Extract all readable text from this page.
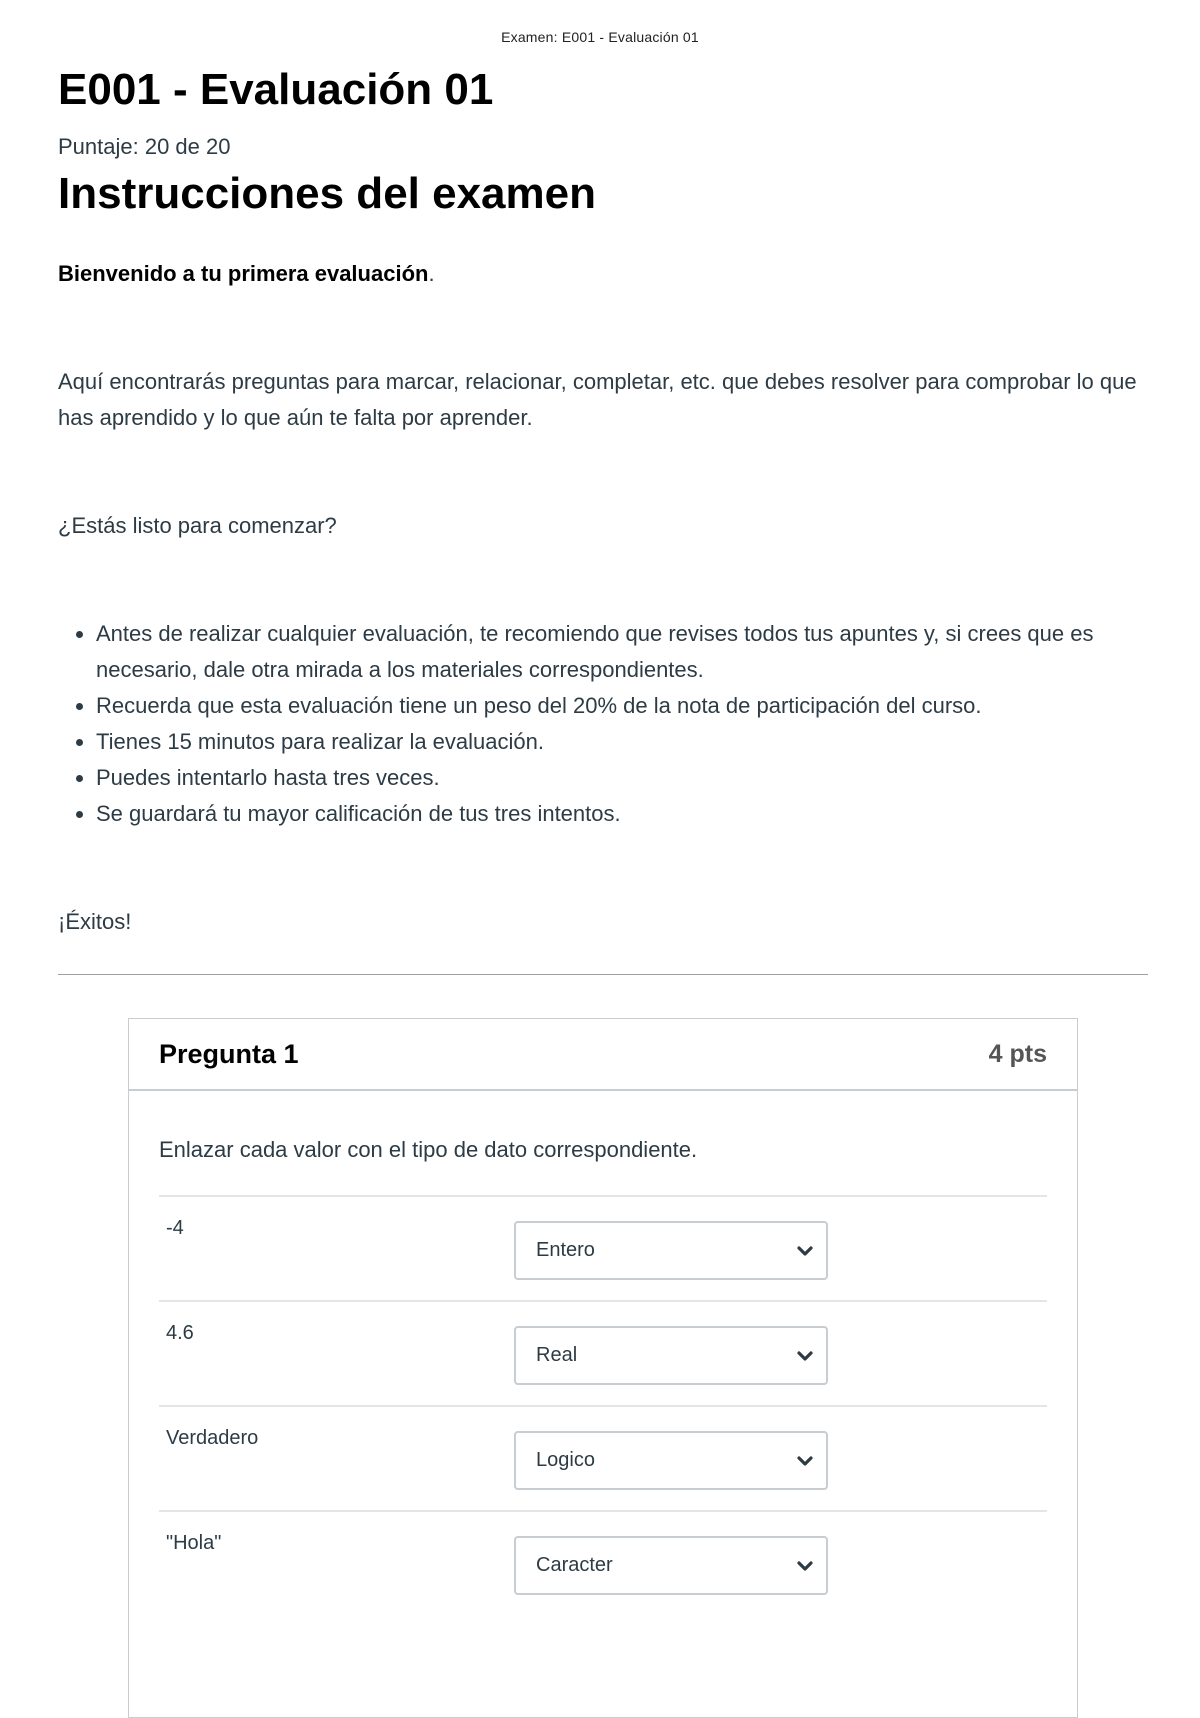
Examen: E001 - Evaluación 01
E001 - Evaluación 01
Puntaje: 20 de 20
Instrucciones del examen
Bienvenido a tu primera evaluación.
Aquí encontrarás preguntas para marcar, relacionar, completar, etc. que debes resolver para comprobar lo que has aprendido y lo que aún te falta por aprender.
¿Estás listo para comenzar?
• Antes de realizar cualquier evaluación, te recomiendo que revises todos tus apuntes y, si crees que es necesario, dale otra mirada a los materiales correspondientes.
• Recuerda que esta evaluación tiene un peso del 20% de la nota de participación del curso.
• Tienes 15 minutos para realizar la evaluación.
• Puedes intentarlo hasta tres veces.
• Se guardará tu mayor calificación de tus tres intentos.
¡Éxitos!
Pregunta 1	4 pts
Enlazar cada valor con el tipo de dato correspondiente.
-4
Entero
4.6
Real
Verdadero
Logico
"Hola"
Caracter
